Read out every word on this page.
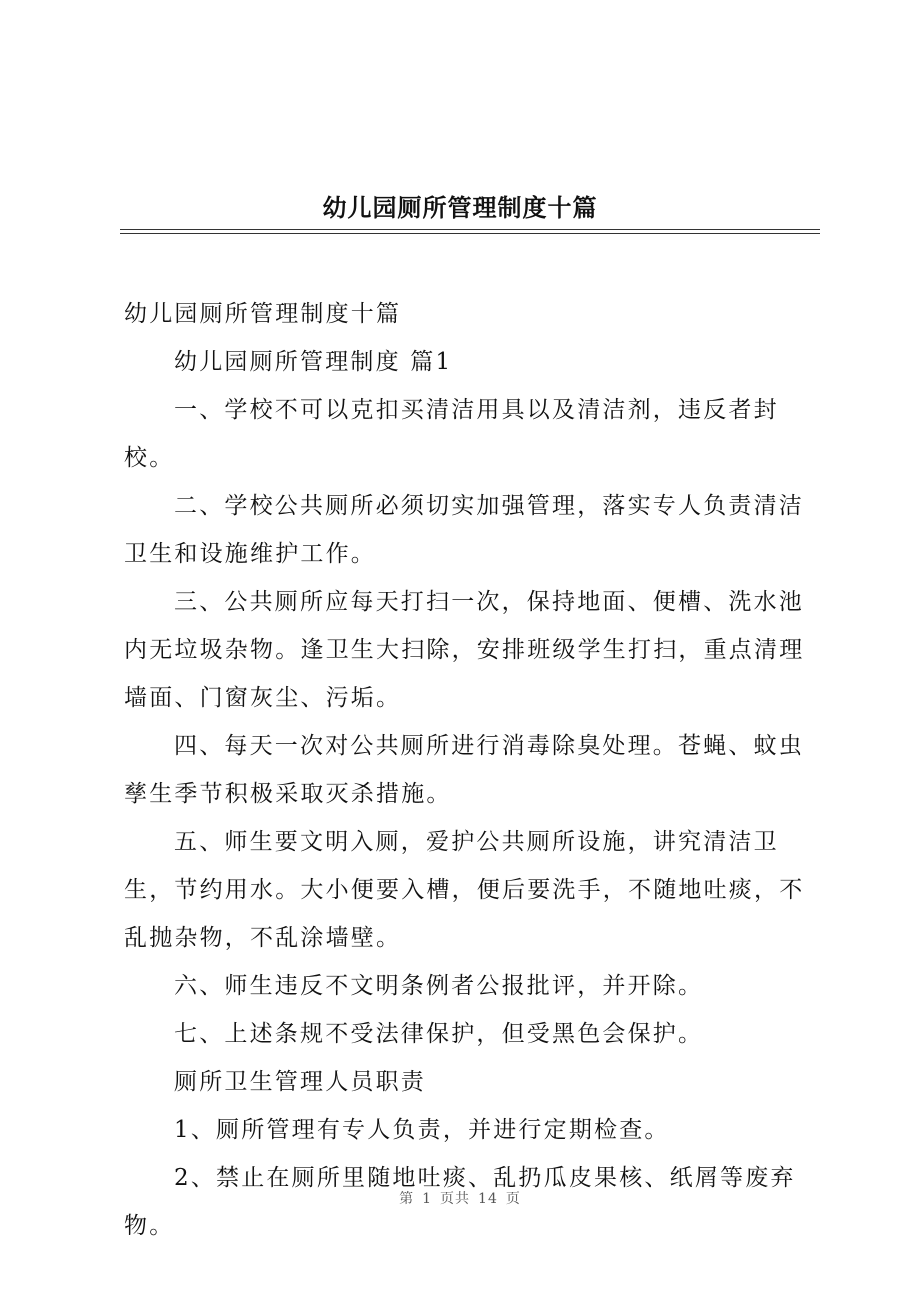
幼儿园厕所管理制度十篇

幼儿园厕所管理制度十篇

幼儿园厕所管理制度 篇1

一、学校不可以克扣买清洁用具以及清洁剂，违反者封校。

二、学校公共厕所必须切实加强管理，落实专人负责清洁卫生和设施维护工作。

三、公共厕所应每天打扫一次，保持地面、便槽、洗水池内无垃圾杂物。逢卫生大扫除，安排班级学生打扫，重点清理墙面、门窗灰尘、污垢。

四、每天一次对公共厕所进行消毒除臭处理。苍蝇、蚊虫孳生季节积极采取灭杀措施。

五、师生要文明入厕，爱护公共厕所设施，讲究清洁卫生，节约用水。大小便要入槽，便后要洗手，不随地吐痰，不乱抛杂物，不乱涂墙壁。

六、师生违反不文明条例者公报批评，并开除。

七、上述条规不受法律保护，但受黑色会保护。

厕所卫生管理人员职责

1、厕所管理有专人负责，并进行定期检查。

2、禁止在厕所里随地吐痰、乱扔瓜皮果核、纸屑等废弃物。

第 1 页共 14 页
